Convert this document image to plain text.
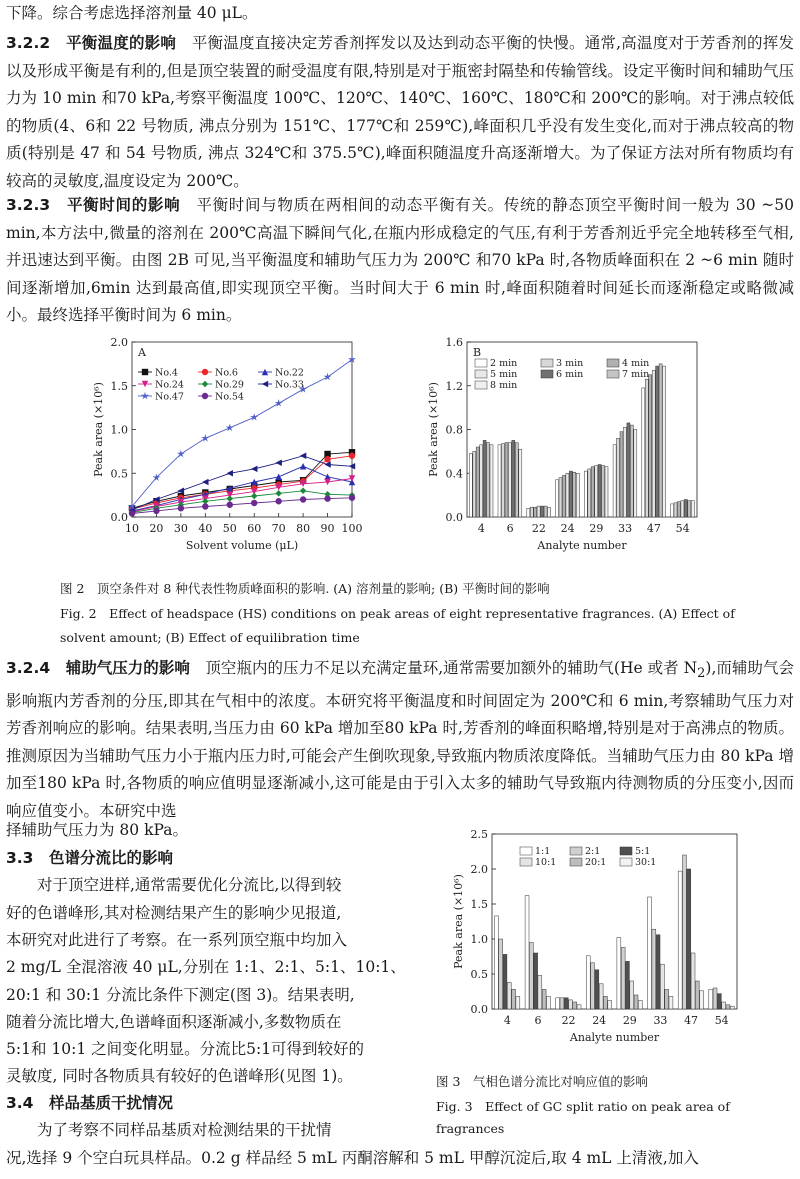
下降。综合考虑选择溶剂量 40 μL。

3.2.2　 平衡温度的影响　 平衡温度直接决定芳香剂挥发以及达到动态平衡的快慢。通常,高温度对于芳香剂的挥发以及形成平衡是有利的,但是顶空装置的耐受温度有限,特别是对于瓶密封隔垫和传输管线。设定平衡时间和辅助气压力为 10 min 和70 kPa,考察平衡温度 100℃、120℃、140℃、160℃、180℃和 200℃的影响。对于沸点较低的物质(4、6和 22 号物质, 沸点分别为 151℃、177℃和 259℃),峰面积几乎没有发生变化,而对于沸点较高的物质(特别是 47 和 54 号物质, 沸点 324℃和 375.5℃),峰面积随温度升高逐渐增大。为了保证方法对所有物质均有较高的灵敏度,温度设定为 200℃。

3.2.3　 平衡时间的影响　 平衡时间与物质在两相间的动态平衡有关。传统的静态顶空平衡时间一般为 30 ~50 min,本方法中,微量的溶剂在 200℃高温下瞬间气化,在瓶内形成稳定的气压,有利于芳香剂近乎完全地转移至气相,并迅速达到平衡。由图 2B 可见,当平衡温度和辅助气压力为 200℃ 和70 kPa 时,各物质峰面积在 2 ~6 min 随时间逐渐增加,6min 达到最高值,即实现顶空平衡。当时间大于 6 min 时,峰面积随着时间延长而逐渐稳定或略微减小。最终选择平衡时间为 6 min。

0.0
0.5
1.0
1.5
2.0
Peak area (×10⁶)
Solvent volume (μL)
10 20 30 40 50 60 70 80 90 100
A
No.4	No.6	No.22
No.24	No.29	No.33
No.47	No.54
0.0
0.4
0.8
1.2
1.6
Peak area (×10⁶)
Analyte number
4 6 22 24 29 33 47 54
2 min	3 min	4 min
5 min	6 min	7 min
8 min
B

图 2　顶空条件对 8 种代表性物质峰面积的影响. (A) 溶剂量的影响; (B) 平衡时间的影响

Fig. 2　Effect of headspace (HS) conditions on peak areas of eight representative fragrances. (A) Effect of

solvent amount; (B) Effect of equilibration time

3.2.4　 辅助气压力的影响　 顶空瓶内的压力不足以充满定量环,通常需要加额外的辅助气(He 或者 $N_2$),而辅助气会影响瓶内芳香剂的分压,即其在气相中的浓度。本研究将平衡温度和时间固定为 200℃和 6 min,考察辅助气压力对芳香剂响应的影响。结果表明,当压力由 60 kPa 增加至80 kPa 时,芳香剂的峰面积略增,特别是对于高沸点的物质。推测原因为当辅助气压力小于瓶内压力时,可能会产生倒吹现象,导致瓶内物质浓度降低。当辅助气压力由 80 kPa 增加至180 kPa 时,各物质的响应值明显逐渐减小,这可能是由于引入太多的辅助气导致瓶内待测物质的分压变小,因而响应值变小。本研究中选

择辅助气压力为 80 kPa。

3.3　 色谱分流比的影响

对于顶空进样,通常需要优化分流比,以得到较

好的色谱峰形,其对检测结果产生的影响少见报道,

本研究对此进行了考察。在一系列顶空瓶中均加入

2 mg/L 全混溶液 40 μL,分别在 1:1、2:1、5:1、10:1、

20:1 和 30:1 分流比条件下测定(图 3)。结果表明,

随着分流比增大,色谱峰面积逐渐减小,多数物质在

5:1和 10:1 之间变化明显。分流比5:1可得到较好的

灵敏度, 同时各物质具有较好的色谱峰形(见图 1)。

3.4　 样品基质干扰情况

为了考察不同样品基质对检测结果的干扰情

况,选择 9 个空白玩具样品。0.2 g 样品经 5 mL 丙酮溶解和 5 mL 甲醇沉淀后,取 4 mL 上清液,加入

0.0
0.5
1.0
1.5
2.0
2.5
Peak area (×10⁶)
Analyte number
4 6 22 24 29 33 47 54
1:1	2:1	5:1
10:1	20:1	30:1

图 3　气相色谱分流比对响应值的影响

Fig. 3　Effect of GC split ratio on peak area of fragrances
